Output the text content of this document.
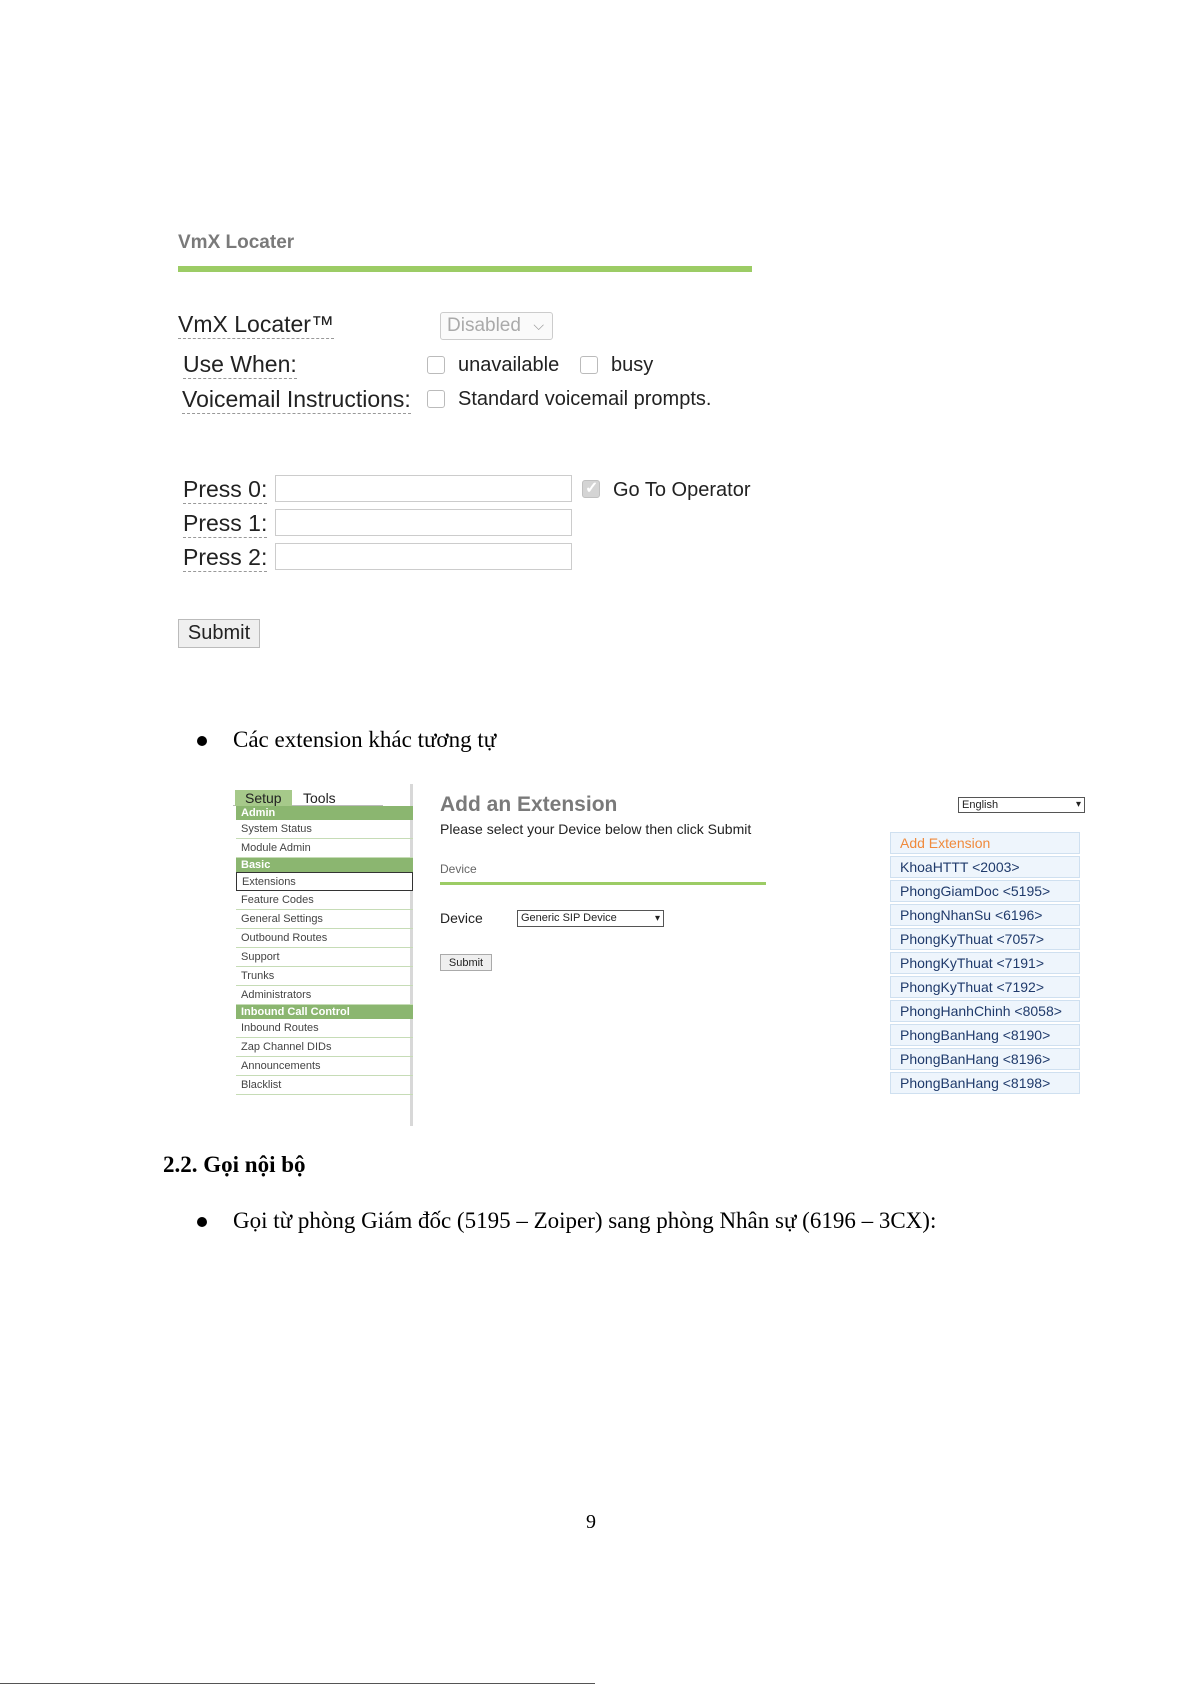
VmX Locater
VmX Locater™	Disabled ⌵
Use When:	unavailable	busy
Voicemail Instructions: Standard voicemail prompts.
Press 0:
✓	Go To Operator
Press 1:
Press 2:
Submit
Các extension khác tương tự
Setup	Tools
Admin
System Status
Module Admin
Basic
Extensions
Feature Codes
General Settings
Outbound Routes
Support
Trunks
Administrators
Inbound Call Control
Inbound Routes
Zap Channel DIDs
Announcements
Blacklist
Add an Extension
Please select your Device below then click Submit
Device
Device	Generic SIP Device	▾
Submit
English	▾
Add Extension
KhoaHTTT <2003>
PhongGiamDoc <5195>
PhongNhanSu <6196>
PhongKyThuat <7057>
PhongKyThuat <7191>
PhongKyThuat <7192>
PhongHanhChinh <8058>
PhongBanHang <8190>
PhongBanHang <8196>
PhongBanHang <8198>
2.2. Gọi nội bộ
Gọi từ phòng Giám đốc (5195 – Zoiper) sang phòng Nhân sự (6196 – 3CX):
9
